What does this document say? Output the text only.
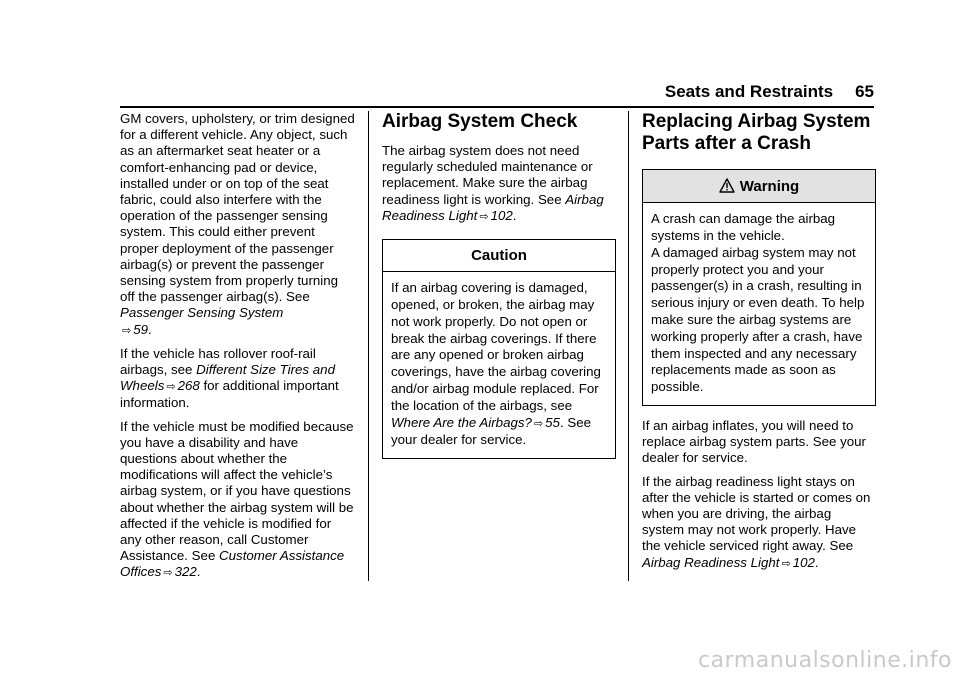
Seats and Restraints 65

GM covers, upholstery, or trim designed for a different vehicle. Any object, such as an aftermarket seat heater or a comfort-enhancing pad or device, installed under or on top of the seat fabric, could also interfere with the operation of the passenger sensing system. This could either prevent proper deployment of the passenger airbag(s) or prevent the passenger sensing system from properly turning off the passenger airbag(s). See Passenger Sensing System
⇨ 59.

If the vehicle has rollover roof-rail airbags, see Different Size Tires and Wheels ⇨ 268 for additional important information.

If the vehicle must be modified because you have a disability and have questions about whether the modifications will affect the vehicle’s airbag system, or if you have questions about whether the airbag system will be affected if the vehicle is modified for any other reason, call Customer Assistance. See Customer Assistance Offices ⇨ 322.

Airbag System Check

The airbag system does not need regularly scheduled maintenance or replacement. Make sure the airbag readiness light is working. See Airbag Readiness Light ⇨ 102.

Caution
If an airbag covering is damaged, opened, or broken, the airbag may not work properly. Do not open or break the airbag coverings. If there are any opened or broken airbag coverings, have the airbag covering and/or airbag module replaced. For the location of the airbags, see Where Are the Airbags? ⇨ 55. See your dealer for service.
Replacing Airbag System Parts after a Crash
Warning
A crash can damage the airbag systems in the vehicle.
A damaged airbag system may not properly protect you and your passenger(s) in a crash, resulting in serious injury or even death. To help make sure the airbag systems are working properly after a crash, have them inspected and any necessary replacements made as soon as possible.

If an airbag inflates, you will need to replace airbag system parts. See your dealer for service.

If the airbag readiness light stays on after the vehicle is started or comes on when you are driving, the airbag system may not work properly. Have the vehicle serviced right away. See Airbag Readiness Light ⇨ 102.

carmanualsonline.info
